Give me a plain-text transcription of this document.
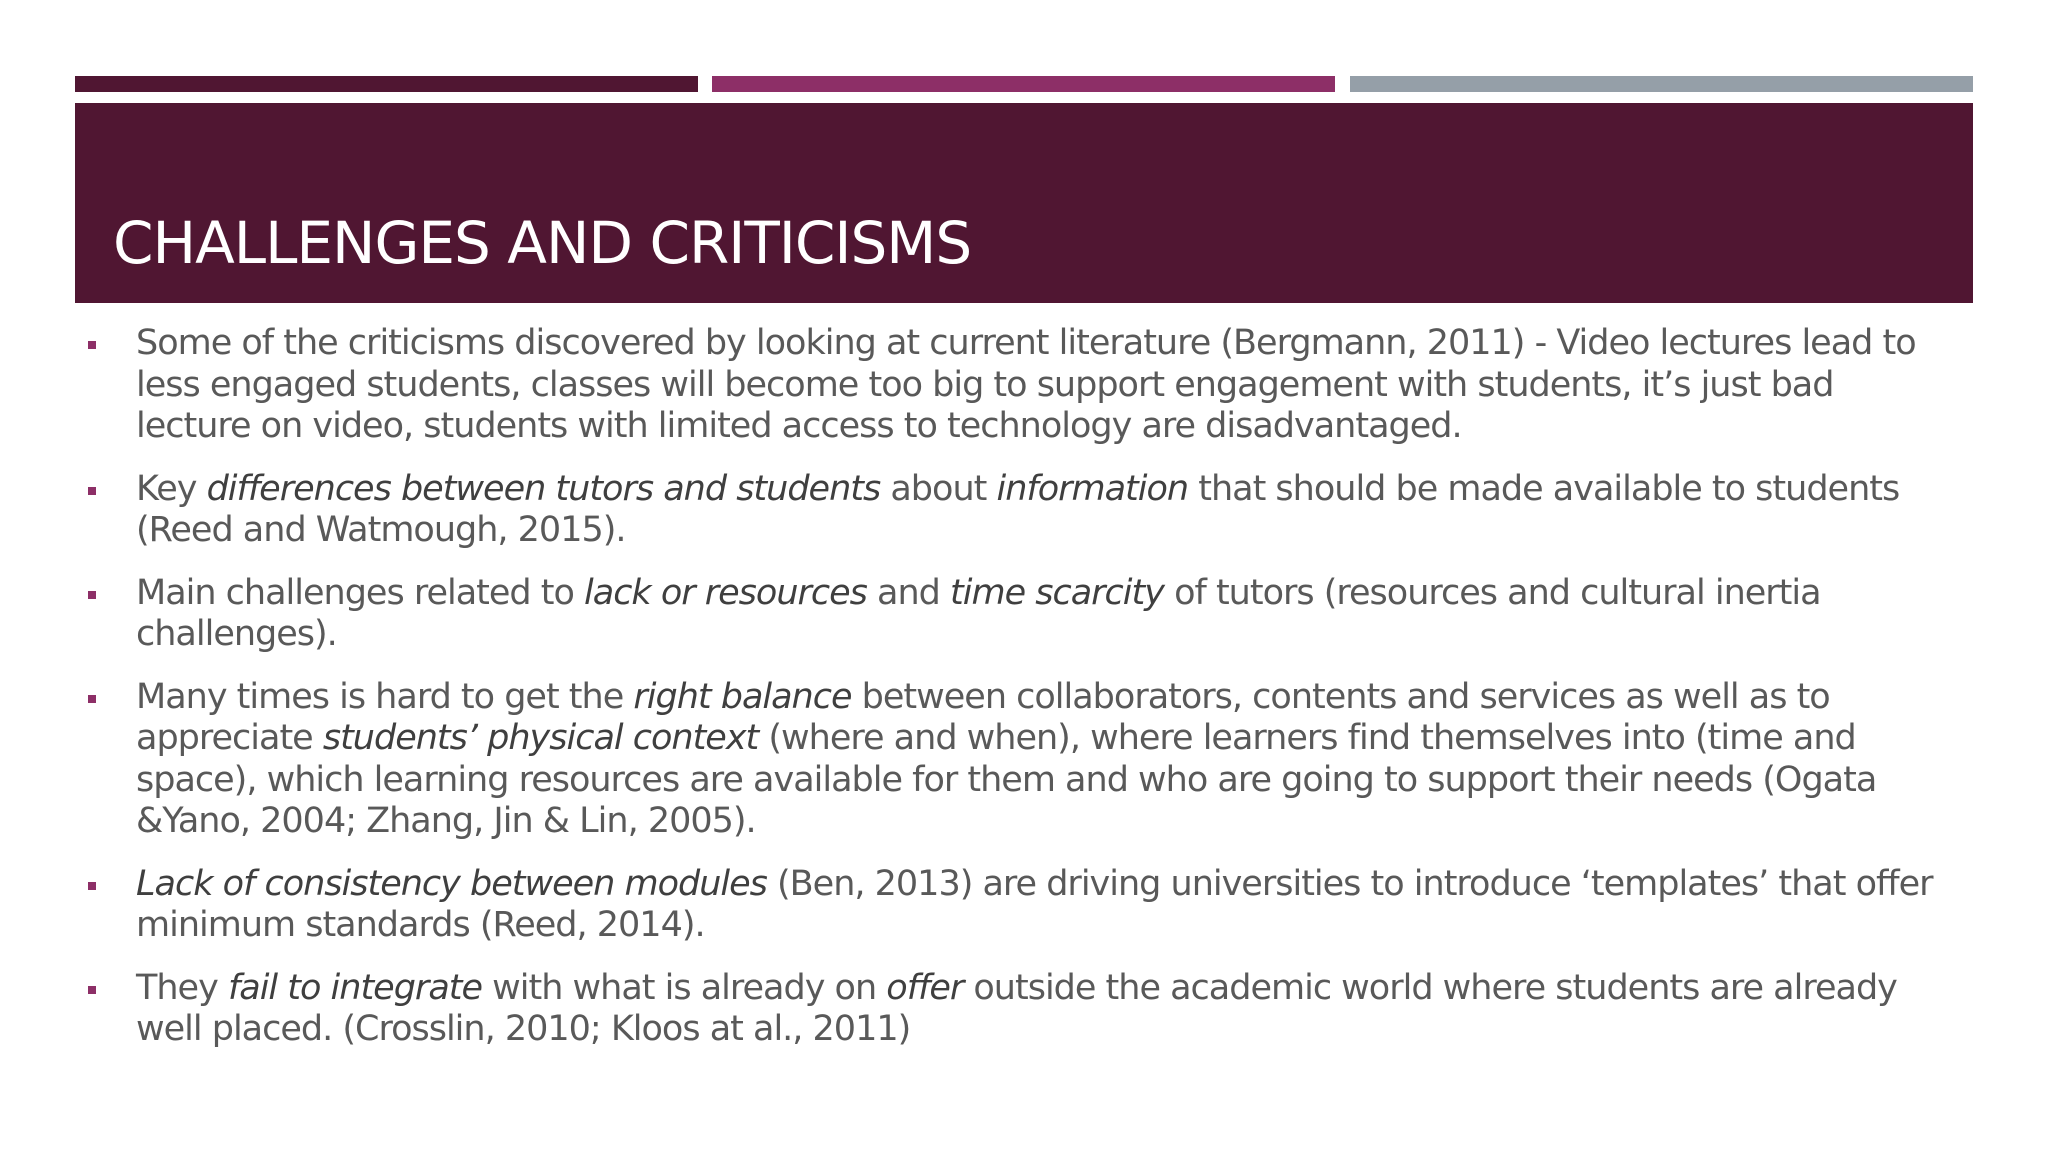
CHALLENGES AND CRITICISMS
Some of the criticisms discovered by looking at current literature (Bergmann, 2011) - Video lectures lead to less engaged students, classes will become too big to support engagement with students, it’s just bad lecture on video, students with limited access to technology are disadvantaged.
Key differences between tutors and students about information that should be made available to students (Reed and Watmough, 2015).
Main challenges related to lack or resources and time scarcity of tutors (resources and cultural inertia challenges).
Many times is hard to get the right balance between collaborators, contents and services as well as to appreciate students’ physical context (where and when), where learners find themselves into (time and space), which learning resources are available for them and who are going to support their needs (Ogata &Yano, 2004; Zhang, Jin & Lin, 2005).
Lack of consistency between modules (Ben, 2013) are driving universities to introduce ‘templates’ that offer minimum standards (Reed, 2014).
They fail to integrate with what is already on offer outside the academic world where students are already well placed. (Crosslin, 2010; Kloos at al., 2011)
